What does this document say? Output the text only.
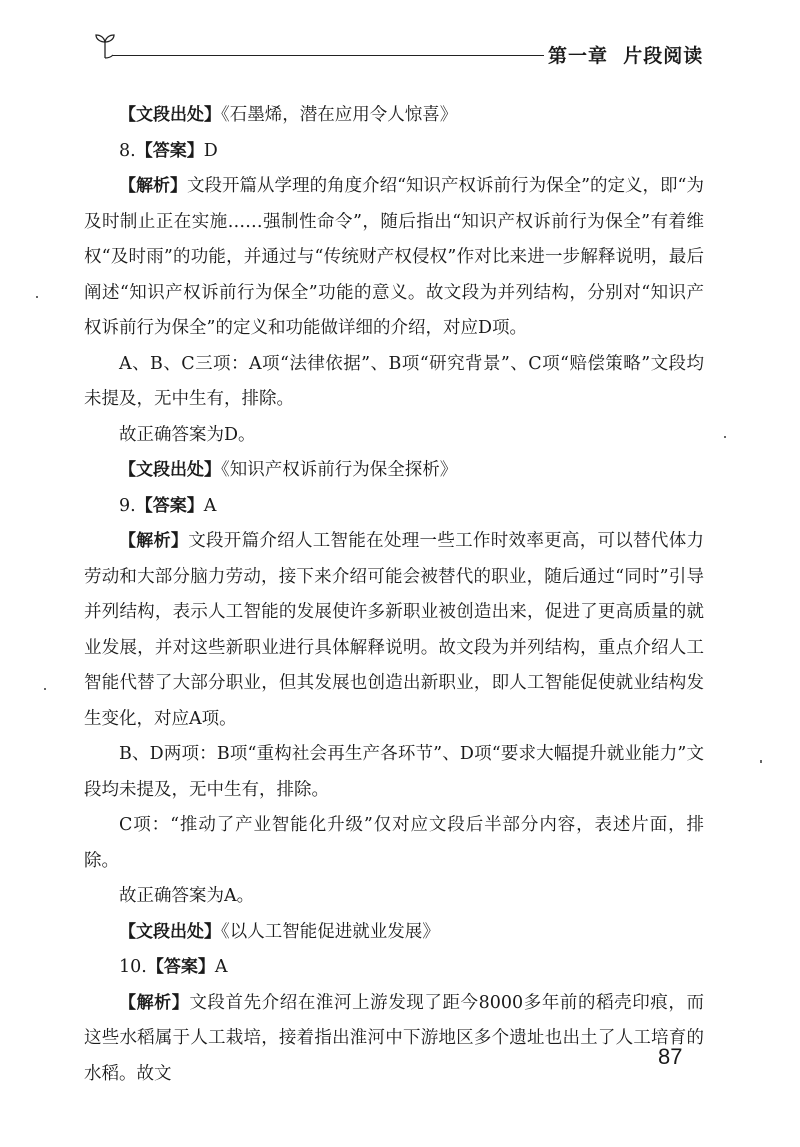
第一章 片段阅读

【文段出处】《石墨烯，潜在应用令人惊喜》

8.【答案】D

【解析】文段开篇从学理的角度介绍“知识产权诉前行为保全”的定义，即“为及时制止正在实施……强制性命令”，随后指出“知识产权诉前行为保全”有着维权“及时雨”的功能，并通过与“传统财产权侵权”作对比来进一步解释说明，最后阐述“知识产权诉前行为保全”功能的意义。故文段为并列结构，分别对“知识产权诉前行为保全”的定义和功能做详细的介绍，对应D项。

A、B、C三项：A项“法律依据”、B项“研究背景”、C项“赔偿策略”文段均未提及，无中生有，排除。

故正确答案为D。

【文段出处】《知识产权诉前行为保全探析》

9.【答案】A

【解析】文段开篇介绍人工智能在处理一些工作时效率更高，可以替代体力劳动和大部分脑力劳动，接下来介绍可能会被替代的职业，随后通过“同时”引导并列结构，表示人工智能的发展使许多新职业被创造出来，促进了更高质量的就业发展，并对这些新职业进行具体解释说明。故文段为并列结构，重点介绍人工智能代替了大部分职业，但其发展也创造出新职业，即人工智能促使就业结构发生变化，对应A项。

B、D两项：B项“重构社会再生产各环节”、D项“要求大幅提升就业能力”文段均未提及，无中生有，排除。

C项：“推动了产业智能化升级”仅对应文段后半部分内容，表述片面，排除。

故正确答案为A。

【文段出处】《以人工智能促进就业发展》

10.【答案】A

【解析】文段首先介绍在淮河上游发现了距今8000多年前的稻壳印痕，而这些水稻属于人工栽培，接着指出淮河中下游地区多个遗址也出土了人工培育的水稻。故文

87
